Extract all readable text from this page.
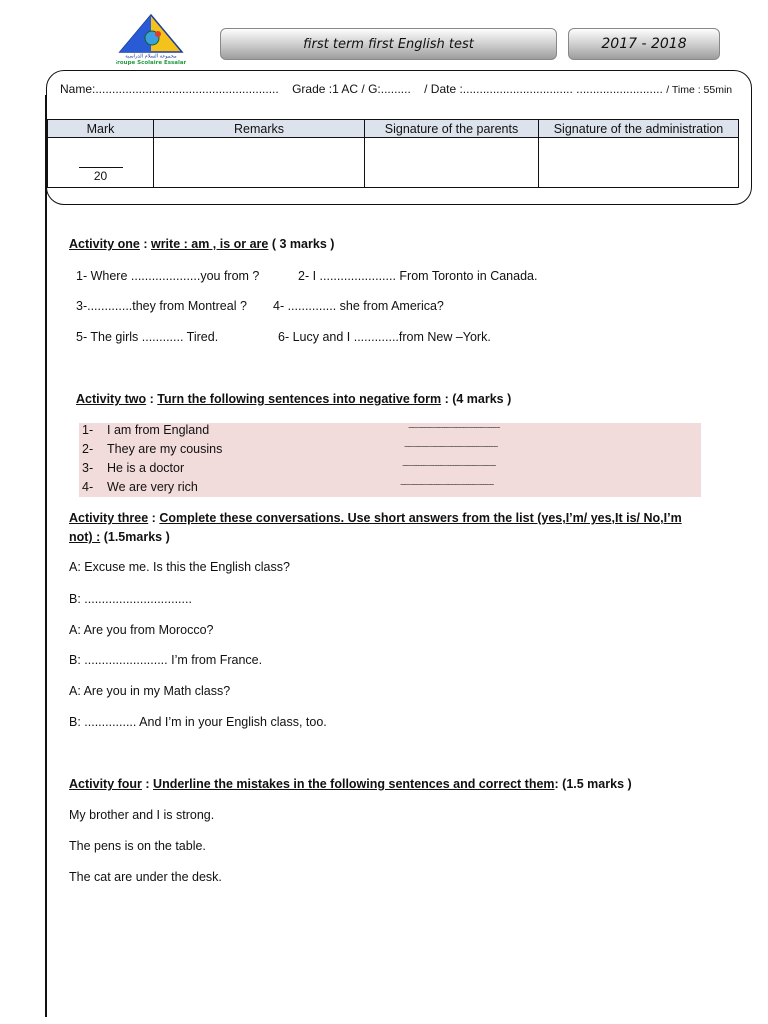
مجموعة السلام الدراسية
Groupe Scolaire Essalam
first term first English test	2017 - 2018
Name:....................................................... Grade :1 AC / G:......... / Date :................................. .......................... / Time : 55min
Mark	Remarks	Signature of the parents	Signature of the administration
20			
Activity one : write : am , is or are ( 3 marks )
1- Where ....................you from ?	2- I ...................... From Toronto in Canada.
3-.............they from Montreal ? 4- .............. she from America?
5- The girls ............ Tired.	6- Lucy and I .............from New –York.
Activity two : Turn the following sentences into negative form : (4 marks )
1- I am from England
2- They are my cousins
3- He is a doctor
4- We are very rich
.................................................................................................
...................................................................................................
...................................................................................................
...................................................................................................
Activity three : Complete these conversations. Use short answers from the list (yes,I’m/ yes,It is/ No,I’m
not) : (1.5marks )
A: Excuse me. Is this the English class?
B: ...............................
A: Are you from Morocco?
B: ........................ I’m from France.
A: Are you in my Math class?
B: ............... And I’m in your English class, too.
Activity four : Underline the mistakes in the following sentences and correct them: (1.5 marks )
My brother and I is strong.
The pens is on the table.
The cat are under the desk.
